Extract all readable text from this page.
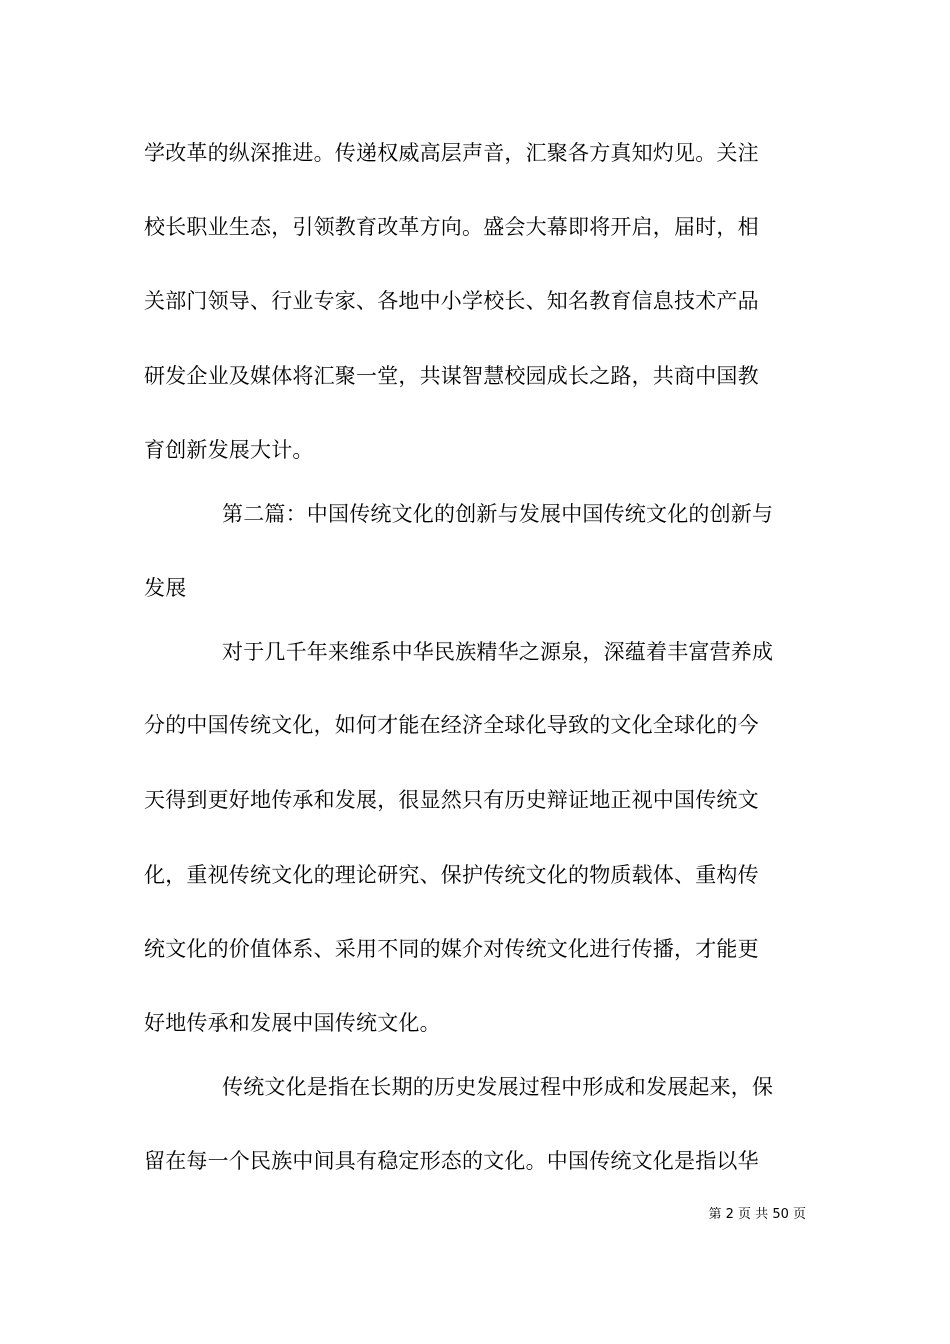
学改革的纵深推进。传递权威高层声音，汇聚各方真知灼见。关注
校长职业生态，引领教育改革方向。盛会大幕即将开启，届时，相
关部门领导、行业专家、各地中小学校长、知名教育信息技术产品
研发企业及媒体将汇聚一堂，共谋智慧校园成长之路，共商中国教
育创新发展大计。
第二篇：中国传统文化的创新与发展中国传统文化的创新与
发展
对于几千年来维系中华民族精华之源泉，深蕴着丰富营养成
分的中国传统文化，如何才能在经济全球化导致的文化全球化的今
天得到更好地传承和发展，很显然只有历史辩证地正视中国传统文
化，重视传统文化的理论研究、保护传统文化的物质载体、重构传
统文化的价值体系、采用不同的媒介对传统文化进行传播，才能更
好地传承和发展中国传统文化。
传统文化是指在长期的历史发展过程中形成和发展起来，保
留在每一个民族中间具有稳定形态的文化。中国传统文化是指以华
第 2 页 共 50 页
